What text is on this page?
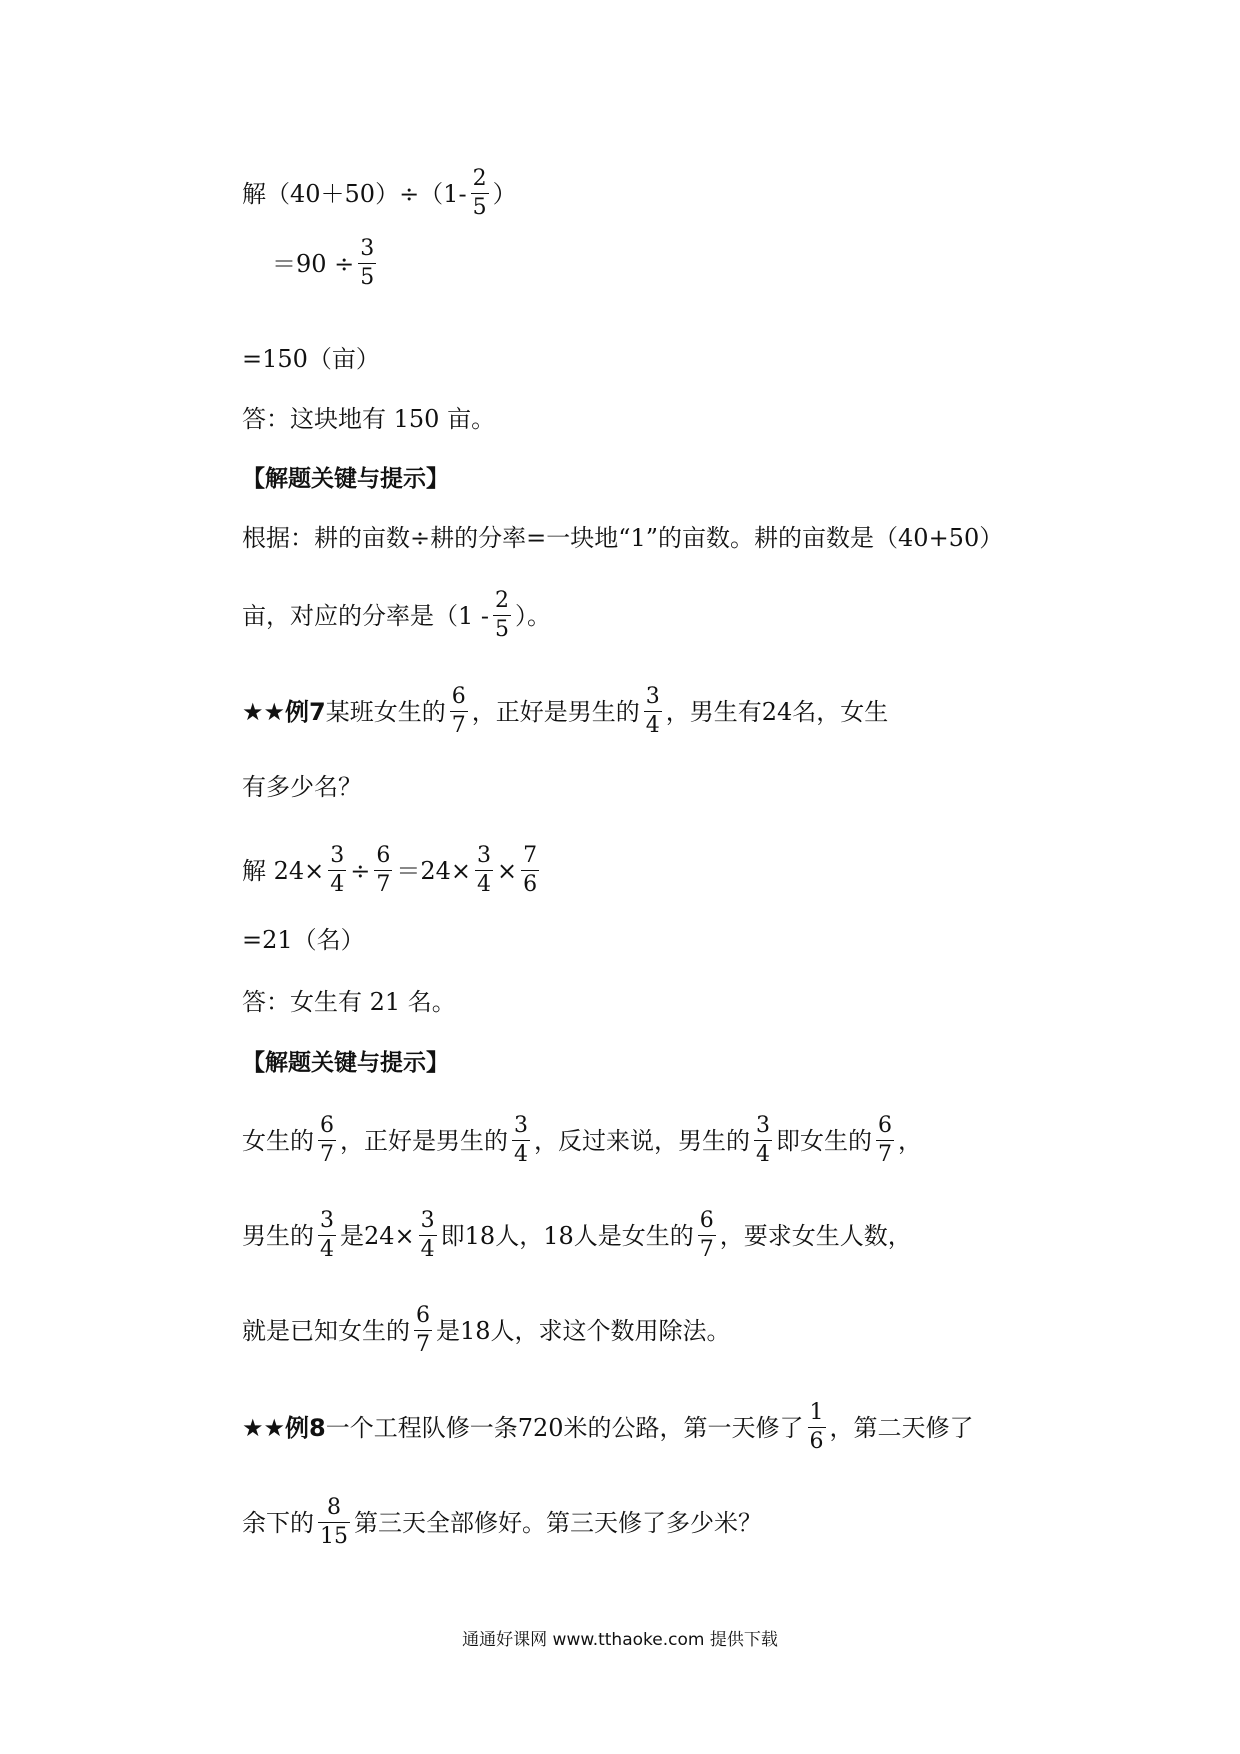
解$(40+50)\div(1- \frac{2}{5}$ ）
$=90 \div \frac{3}{5}$
=150（亩）
答：这块地有 150 亩。
【解题关键与提示】
根据：耕的亩数÷耕的分率=一块地“1”的亩数。耕的亩数是（40+50）
亩，对应的分率是（$1 - \frac{2}{5}$ ）。
★★例7 某班女生的 $\frac{6}{7}$ ，正好是男生的 $\frac{3}{4}$ ，男生有24名，女生
有多少名？
解 $24\times \frac{3}{4} \div \frac{6}{7} =24\times \frac{3}{4} \times \frac{7}{6}$
=21（名）
答：女生有 21 名。
【解题关键与提示】
女生的 $\frac{6}{7}$ ，正好是男生的 $\frac{3}{4}$ ，反过来说，男生的 $\frac{3}{4}$ 即女生的 $\frac{6}{7}$ ，
男生的 $\frac{3}{4}$ 是$24\times \frac{3}{4}$ 即18人，18人是女生的 $\frac{6}{7}$ ，要求女生人数，
就是已知女生的 $\frac{6}{7}$ 是18人，求这个数用除法。
★★例8 一个工程队修一条720米的公路，第一天修了 $\frac{1}{6}$ ，第二天修了
余下的 $\frac{8}{15}$ 第三天全部修好。第三天修了多少米？
通通好课网 www.tthaoke.com 提供下载
